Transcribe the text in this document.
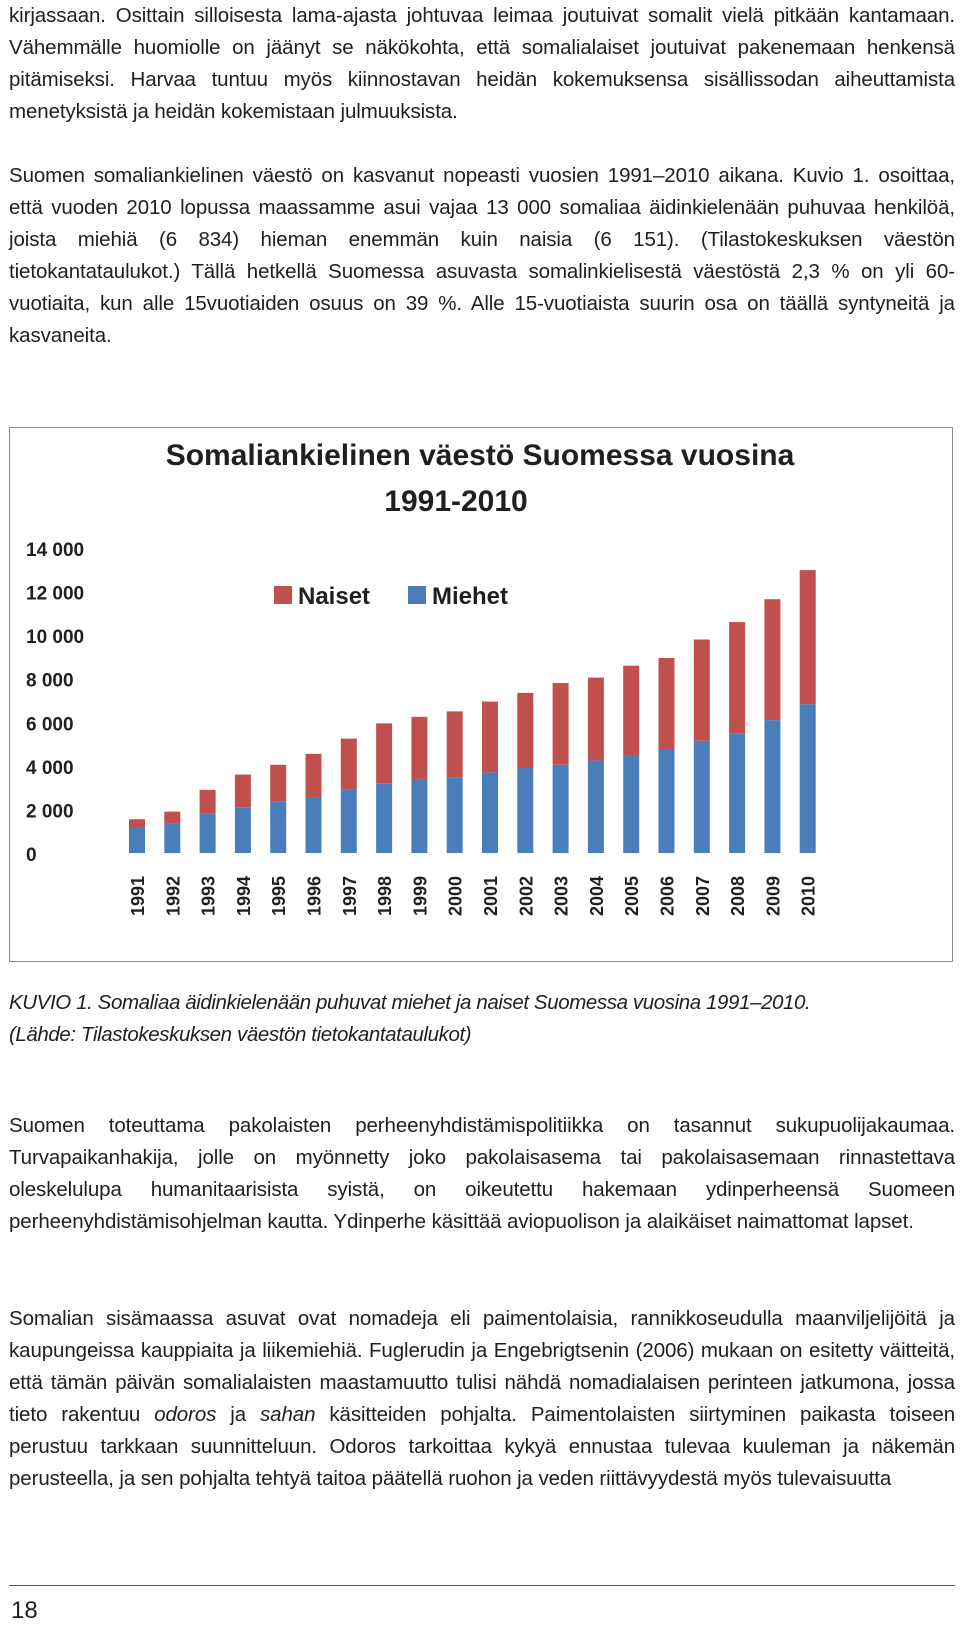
kirjassaan. Osittain silloisesta lama-ajasta johtuvaa leimaa joutuivat somalit vielä pitkään kantamaan. Vähemmälle huomiolle on jäänyt se näkökohta, että somalialaiset joutuivat pakenemaan henkensä pitämiseksi. Harvaa tuntuu myös kiinnostavan heidän kokemuksensa sisällissodan aiheuttamista menetyksistä ja heidän kokemistaan julmuuksista.

Suomen somaliankielinen väestö on kasvanut nopeasti vuosien 1991–2010 aikana. Kuvio 1. osoittaa, että vuoden 2010 lopussa maassamme asui vajaa 13 000 somaliaa äidinkielenään puhuvaa henkilöä, joista miehiä (6 834) hieman enemmän kuin naisia (6 151). (Tilastokeskuksen väestön tietokantataulukot.) Tällä hetkellä Suomessa asuvasta somalinkielisestä väestöstä 2,3 % on yli 60-vuotiaita, kun alle 15vuotiaiden osuus on 39 %. Alle 15-vuotiaista suurin osa on täällä syntyneitä ja kasvaneita.

Somaliankielinen väestö Suomessa vuosina
1991-2010
Naiset	Miehet
0
2 000
4 000
6 000
8 000
10 000
12 000
14 000
1991 1992 1993 1994 1995 1996 1997 1998 1999 2000 2001 2002 2003 2004 2005 2006 2007 2008 2009 2010
KUVIO 1. Somaliaa äidinkielenään puhuvat miehet ja naiset Suomessa vuosina 1991–2010.
(Lähde: Tilastokeskuksen väestön tietokantataulukot)

Suomen toteuttama pakolaisten perheenyhdistämispolitiikka on tasannut sukupuolijakaumaa. Turvapaikanhakija, jolle on myönnetty joko pakolaisasema tai pakolaisasemaan rinnastettava oleskelulupa humanitaarisista syistä, on oikeutettu hakemaan ydinperheensä Suomeen perheenyhdistämisohjelman kautta. Ydinperhe käsittää aviopuolison ja alaikäiset naimattomat lapset.

Somalian sisämaassa asuvat ovat nomadeja eli paimentolaisia, rannikkoseudulla maanviljelijöitä ja kaupungeissa kauppiaita ja liikemiehiä. Fuglerudin ja Engebrigtsenin (2006) mukaan on esitetty väitteitä, että tämän päivän somalialaisten maastamuutto tulisi nähdä nomadialaisen perinteen jatkumona, jossa tieto rakentuu odoros ja sahan käsitteiden pohjalta. Paimentolaisten siirtyminen paikasta toiseen perustuu tarkkaan suunnitteluun. Odoros tarkoittaa kykyä ennustaa tulevaa kuuleman ja näkemän perusteella, ja sen pohjalta tehtyä taitoa päätellä ruohon ja veden riittävyydestä myös tulevaisuutta

18
